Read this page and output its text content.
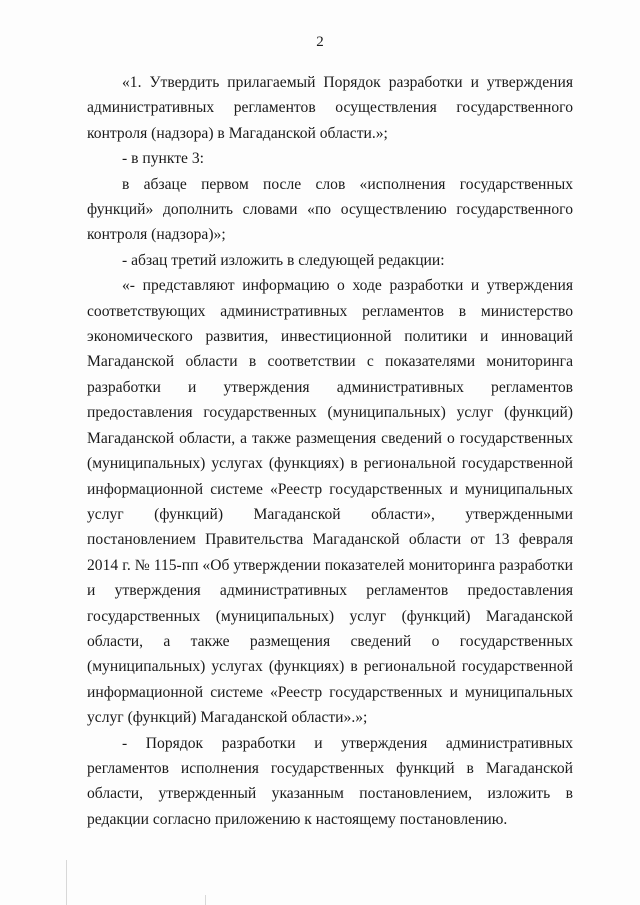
2

«1. Утвердить прилагаемый Порядок разработки и утверждения административных регламентов осуществления государственного контроля (надзора) в Магаданской области.»;

- в пункте 3:

в абзаце первом после слов «исполнения государственных функций» дополнить словами «по осуществлению государственного контроля (надзора)»;

- абзац третий изложить в следующей редакции:

«- представляют информацию о ходе разработки и утверждения соответствующих административных регламентов в министерство экономического развития, инвестиционной политики и инноваций Магаданской области в соответствии с показателями мониторинга разработки и утверждения административных регламентов предоставления государственных (муниципальных) услуг (функций) Магаданской области, а также размещения сведений о государственных (муниципальных) услугах (функциях) в региональной государственной информационной системе «Реестр государственных и муниципальных услуг (функций) Магаданской области», утвержденными постановлением Правительства Магаданской области от 13 февраля 2014 г. № 115-пп «Об утверждении показателей мониторинга разработки и утверждения административных регламентов предоставления государственных (муниципальных) услуг (функций) Магаданской области, а также размещения сведений о государственных (муниципальных) услугах (функциях) в региональной государственной информационной системе «Реестр государственных и муниципальных услуг (функций) Магаданской области».»;

- Порядок разработки и утверждения административных регламентов исполнения государственных функций в Магаданской области, утвержденный указанным постановлением, изложить в редакции согласно приложению к настоящему постановлению.
